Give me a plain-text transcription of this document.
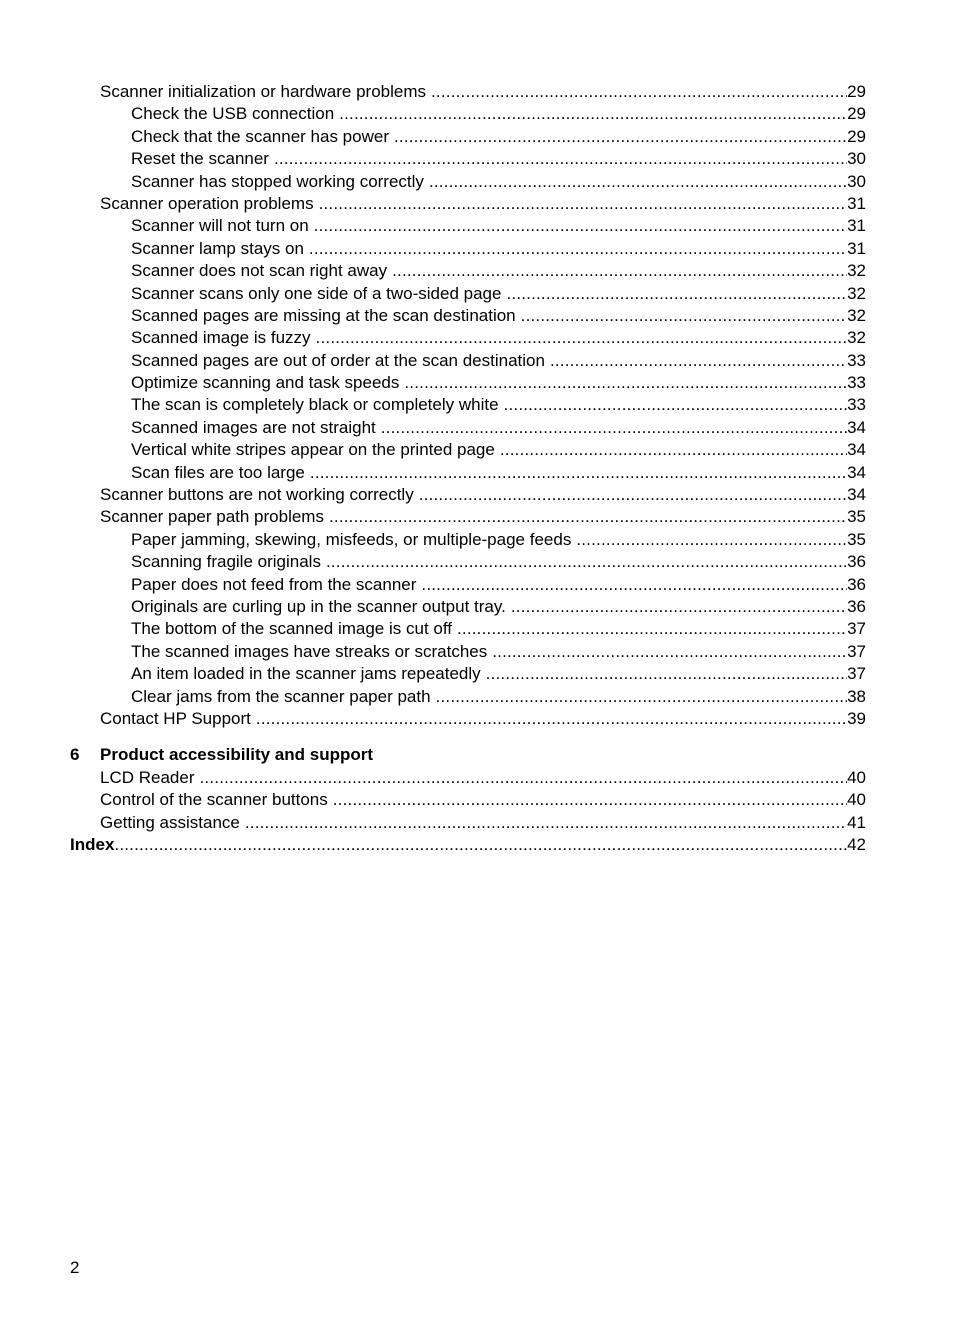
Scanner initialization or hardware problems .....	29
Check the USB connection .....	29
Check that the scanner has power .....	29
Reset the scanner .....	30
Scanner has stopped working correctly .....	30
Scanner operation problems .....	31
Scanner will not turn on .....	31
Scanner lamp stays on .....	31
Scanner does not scan right away .....	32
Scanner scans only one side of a two-sided page .....	32
Scanned pages are missing at the scan destination .....	32
Scanned image is fuzzy .....	32
Scanned pages are out of order at the scan destination .....	33
Optimize scanning and task speeds .....	33
The scan is completely black or completely white .....	33
Scanned images are not straight .....	34
Vertical white stripes appear on the printed page .....	34
Scan files are too large .....	34
Scanner buttons are not working correctly .....	34
Scanner paper path problems .....	35
Paper jamming, skewing, misfeeds, or multiple-page feeds .....	35
Scanning fragile originals .....	36
Paper does not feed from the scanner .....	36
Originals are curling up in the scanner output tray. .....	36
The bottom of the scanned image is cut off .....	37
The scanned images have streaks or scratches .....	37
An item loaded in the scanner jams repeatedly .....	37
Clear jams from the scanner paper path .....	38
Contact HP Support .....	39
6 Product accessibility and support
LCD Reader .....	40
Control of the scanner buttons .....	40
Getting assistance .....	41
Index .....	42
2
